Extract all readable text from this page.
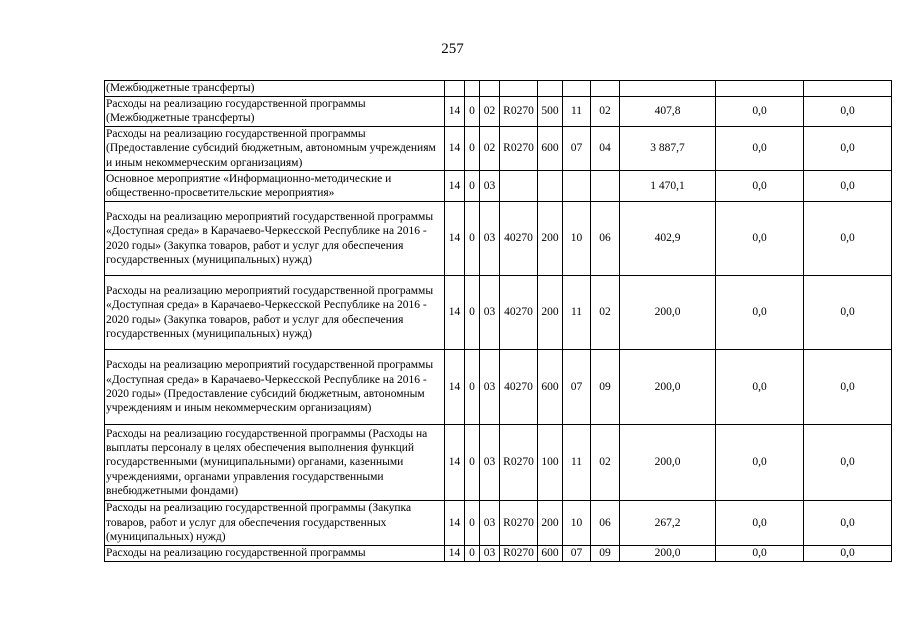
257
(Межбюджетные трансферты)										
Расходы на реализацию государственной программы (Межбюджетные трансферты)	14	0	02	R0270	500	11	02	407,8	0,0	0,0
Расходы на реализацию государственной программы (Предоставление субсидий бюджетным, автономным учреждениям и иным некоммерческим организациям)	14	0	02	R0270	600	07	04	3 887,7	0,0	0,0
Основное мероприятие «Информационно-методические и общественно-просветительские мероприятия»	14	0	03					1 470,1	0,0	0,0
Расходы на реализацию мероприятий государственной программы «Доступная среда» в Карачаево-Черкесской Республике на 2016 - 2020 годы» (Закупка товаров, работ и услуг для обеспечения государственных (муниципальных) нужд)	14	0	03	40270	200	10	06	402,9	0,0	0,0
Расходы на реализацию мероприятий государственной программы «Доступная среда» в Карачаево-Черкесской Республике на 2016 - 2020 годы» (Закупка товаров, работ и услуг для обеспечения государственных (муниципальных) нужд)	14	0	03	40270	200	11	02	200,0	0,0	0,0
Расходы на реализацию мероприятий государственной программы «Доступная среда» в Карачаево-Черкесской Республике на 2016 - 2020 годы» (Предоставление субсидий бюджетным, автономным учреждениям и иным некоммерческим организациям)	14	0	03	40270	600	07	09	200,0	0,0	0,0
Расходы на реализацию государственной программы (Расходы на выплаты персоналу в целях обеспечения выполнения функций государственными (муниципальными) органами, казенными учреждениями, органами управления государственными внебюджетными фондами)	14	0	03	R0270	100	11	02	200,0	0,0	0,0
Расходы на реализацию государственной программы (Закупка товаров, работ и услуг для обеспечения государственных (муниципальных) нужд)	14	0	03	R0270	200	10	06	267,2	0,0	0,0
Расходы на реализацию государственной программы	14	0	03	R0270	600	07	09	200,0	0,0	0,0
